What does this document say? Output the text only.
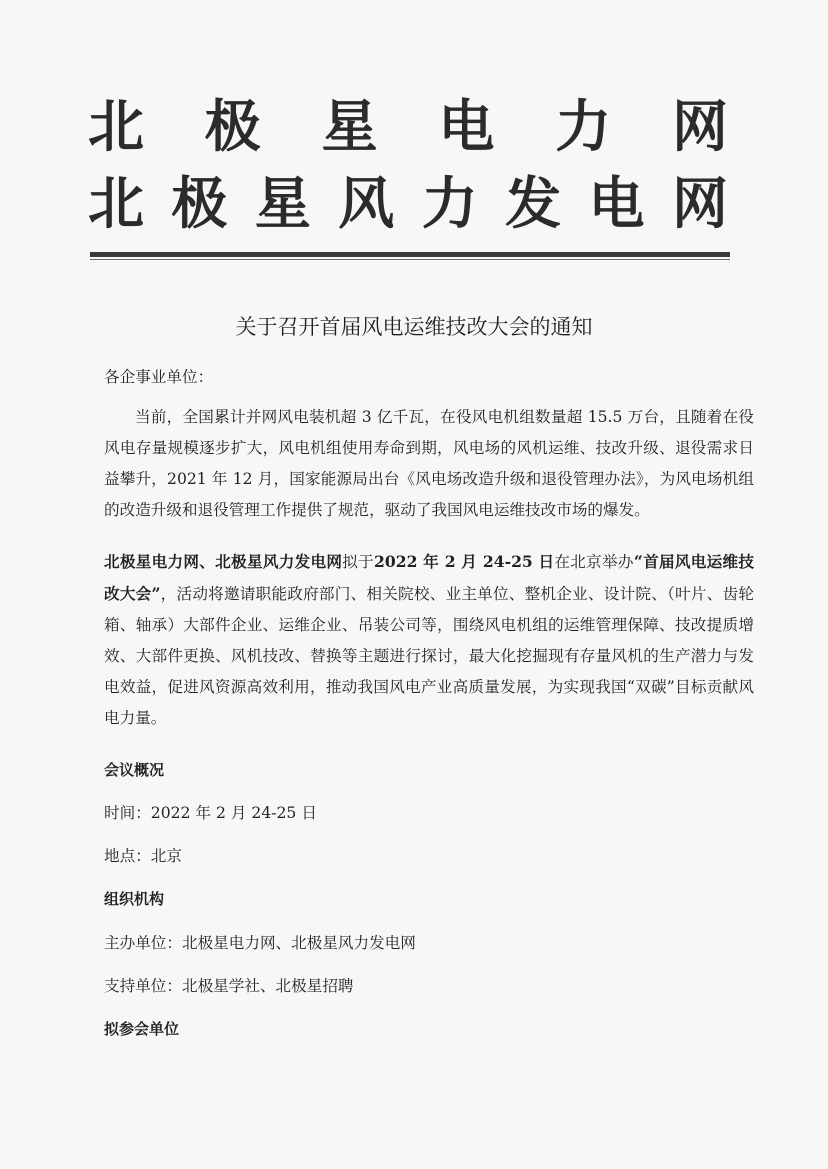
北 极 星 电 力 网
北 极 星 风 力 发 电 网
关于召开首届风电运维技改大会的通知
各企事业单位：
当前，全国累计并网风电装机超 3 亿千瓦，在役风电机组数量超 15.5 万台，且随着在役风电存量规模逐步扩大，风电机组使用寿命到期，风电场的风机运维、技改升级、退役需求日益攀升，2021 年 12 月，国家能源局出台《风电场改造升级和退役管理办法》，为风电场机组的改造升级和退役管理工作提供了规范，驱动了我国风电运维技改市场的爆发。
北极星电力网、北极星风力发电网拟于2022 年 2 月 24-25 日在北京举办“首届风电运维技改大会”，活动将邀请职能政府部门、相关院校、业主单位、整机企业、设计院、（叶片、齿轮箱、轴承）大部件企业、运维企业、吊装公司等，围绕风电机组的运维管理保障、技改提质增效、大部件更换、风机技改、替换等主题进行探讨，最大化挖掘现有存量风机的生产潜力与发电效益，促进风资源高效利用，推动我国风电产业高质量发展，为实现我国“双碳”目标贡献风电力量。
会议概况
时间：2022 年 2 月 24-25 日
地点：北京
组织机构
主办单位：北极星电力网、北极星风力发电网
支持单位：北极星学社、北极星招聘
拟参会单位
